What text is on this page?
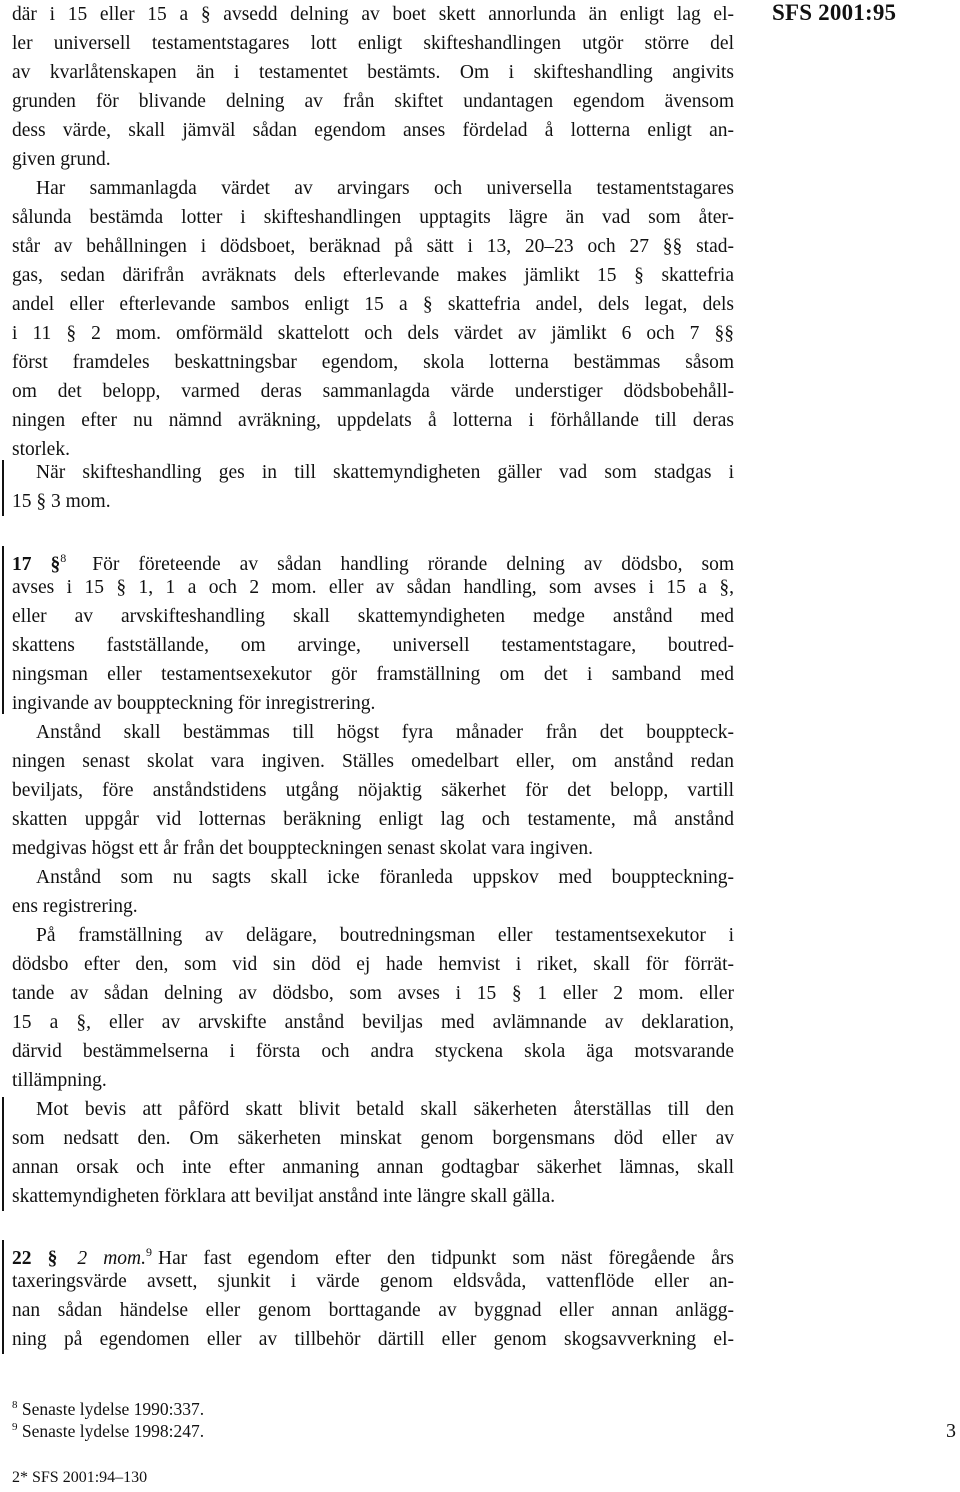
SFS 2001:95
där i 15 eller 15 a § avsedd delning av boet skett annorlunda än enligt lag el-
ler universell testamentstagares lott enligt skifteshandlingen utgör större del
av kvarlåtenskapen än i testamentet bestämts. Om i skifteshandling angivits
grunden för blivande delning av från skiftet undantagen egendom ävensom
dess värde, skall jämväl sådan egendom anses fördelad å lotterna enligt an-
given grund.
Har sammanlagda värdet av arvingars och universella testamentstagares
sålunda bestämda lotter i skifteshandlingen upptagits lägre än vad som åter-
står av behållningen i dödsboet, beräknad på sätt i 13, 20–23 och 27 §§ stad-
gas, sedan därifrån avräknats dels efterlevande makes jämlikt 15 § skattefria
andel eller efterlevande sambos enligt 15 a § skattefria andel, dels legat, dels
i 11 § 2 mom. omförmäld skattelott och dels värdet av jämlikt 6 och 7 §§
först framdeles beskattningsbar egendom, skola lotterna bestämmas såsom
om det belopp, varmed deras sammanlagda värde understiger dödsbobehåll-
ningen efter nu nämnd avräkning, uppdelats å lotterna i förhållande till deras
storlek.
När skifteshandling ges in till skattemyndigheten gäller vad som stadgas i
15 § 3 mom.
17 §$^8$ För företeende av sådan handling rörande delning av dödsbo, som
avses i 15 § 1, 1 a och 2 mom. eller av sådan handling, som avses i 15 a §,
eller av arvskifteshandling skall skattemyndigheten medge anstånd med
skattens fastställande, om arvinge, universell testamentstagare, boutred-
ningsman eller testamentsexekutor gör framställning om det i samband med
ingivande av bouppteckning för inregistrering.
Anstånd skall bestämmas till högst fyra månader från det bouppteck-
ningen senast skolat vara ingiven. Ställes omedelbart eller, om anstånd redan
beviljats, före anståndstidens utgång nöjaktig säkerhet för det belopp, vartill
skatten uppgår vid lotternas beräkning enligt lag och testamente, må anstånd
medgivas högst ett år från det bouppteckningen senast skolat vara ingiven.
Anstånd som nu sagts skall icke föranleda uppskov med bouppteckning-
ens registrering.
På framställning av delägare, boutredningsman eller testamentsexekutor i
dödsbo efter den, som vid sin död ej hade hemvist i riket, skall för förrät-
tande av sådan delning av dödsbo, som avses i 15 § 1 eller 2 mom. eller
15 a §, eller av arvskifte anstånd beviljas med avlämnande av deklaration,
därvid bestämmelserna i första och andra styckena skola äga motsvarande
tillämpning.
Mot bevis att påförd skatt blivit betald skall säkerheten återställas till den
som nedsatt den. Om säkerheten minskat genom borgensmans död eller av
annan orsak och inte efter anmaning annan godtagbar säkerhet lämnas, skall
skattemyndigheten förklara att beviljat anstånd inte längre skall gälla.
22 § 2 mom.$^9$ Har fast egendom efter den tidpunkt som näst föregående års
taxeringsvärde avsett, sjunkit i värde genom eldsvåda, vattenflöde eller an-
nan sådan händelse eller genom borttagande av byggnad eller annan anlägg-
ning på egendomen eller av tillbehör därtill eller genom skogsavverkning el-
$^8$ Senaste lydelse 1990:337.
$^9$ Senaste lydelse 1998:247.	3
2* SFS 2001:94–130
